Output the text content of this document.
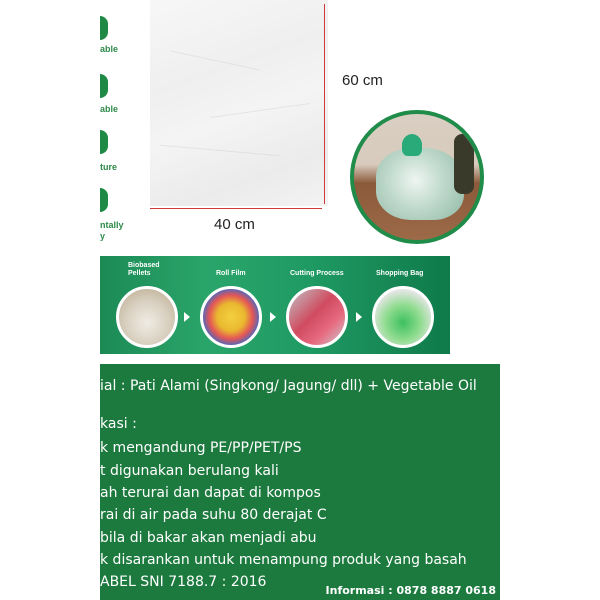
able
able
ture
ntally
y
60 cm
40 cm
Biobased
Pellets	Roll Film	Cutting Process	Shopping Bag
ial : Pati Alami (Singkong/ Jagung/ dll) + Vegetable Oil
kasi :
k mengandung PE/PP/PET/PS
t digunakan berulang kali
ah terurai dan dapat di kompos
rai di air pada suhu 80 derajat C
bila di bakar akan menjadi abu
k disarankan untuk menampung produk yang basah
ABEL SNI 7188.7 : 2016
Informasi : 0878 8887 0618
